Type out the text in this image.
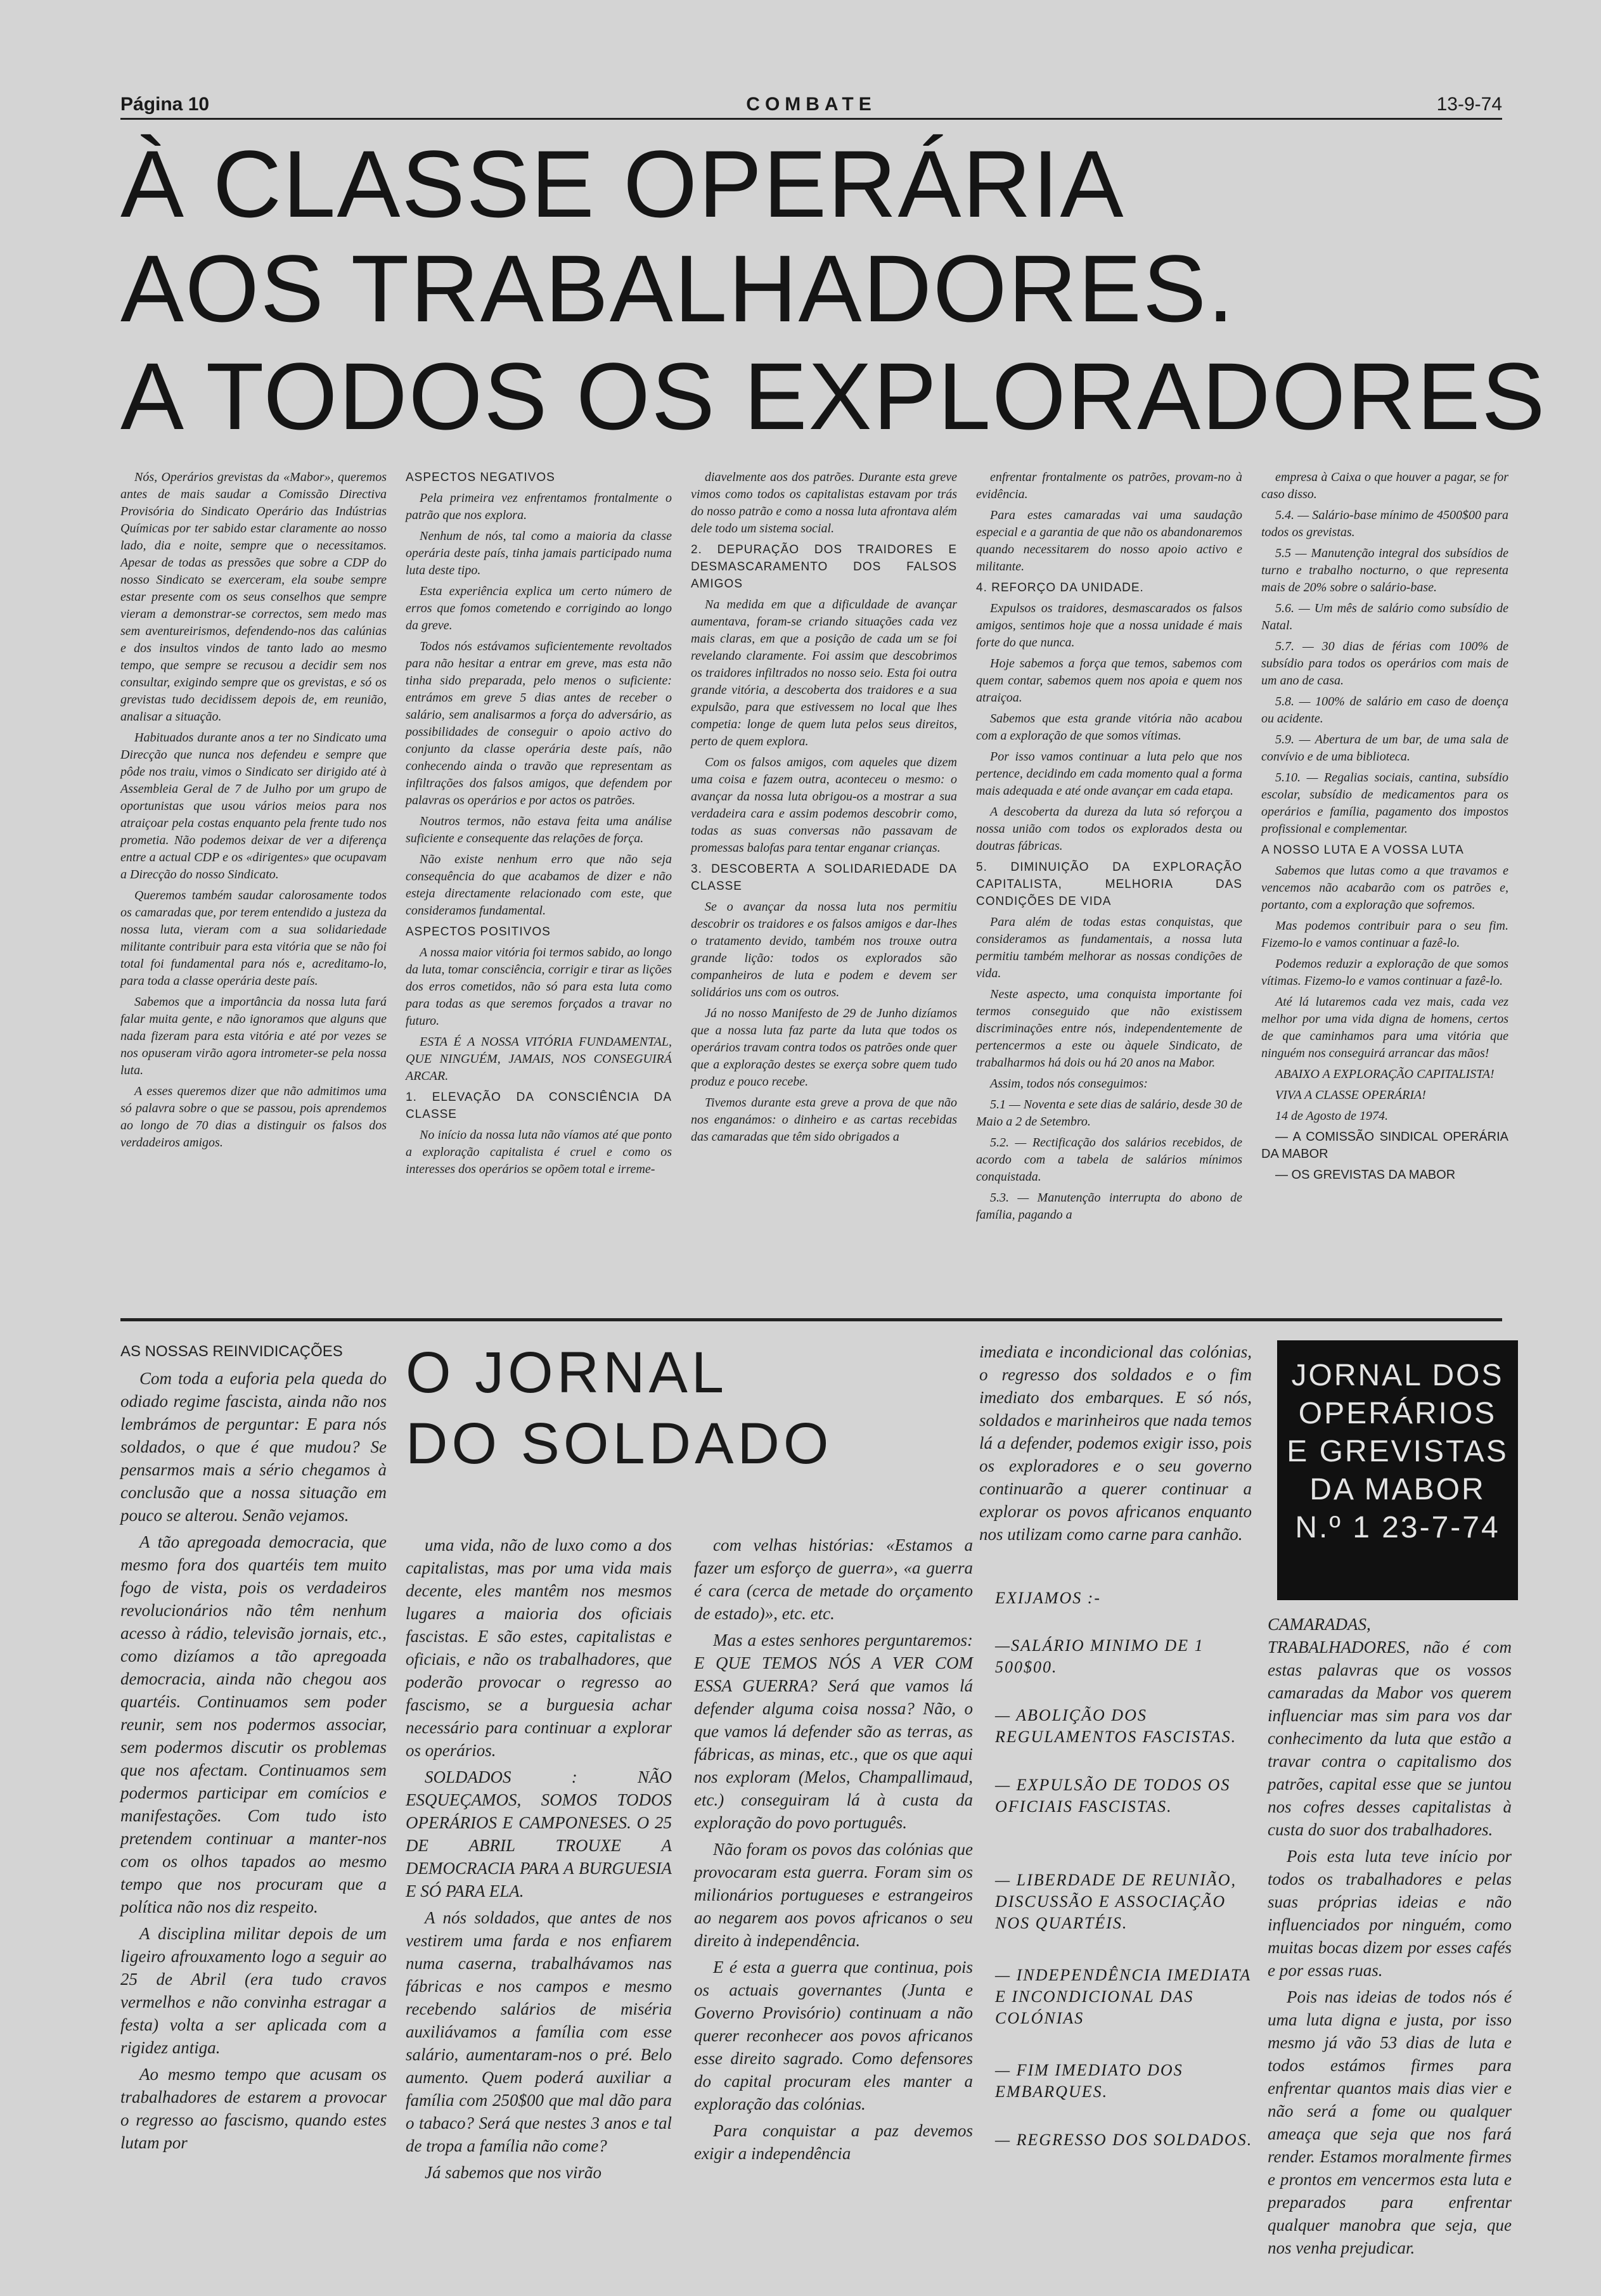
Página 10	COMBATE	13-9-74
À CLASSE OPERÁRIA
AOS TRABALHADORES.
A TODOS OS EXPLORADORES

Nós, Operários grevistas da «Mabor», queremos antes de mais saudar a Comissão Directiva Provisória do Sindicato Operário das Indústrias Químicas por ter sabido estar claramente ao nosso lado, dia e noite, sempre que o necessitamos. Apesar de todas as pressões que sobre a CDP do nosso Sindicato se exerceram, ela soube sempre estar presente com os seus conselhos que sempre vieram a demonstrar-se correctos, sem medo mas sem aventureirismos, defendendo-nos das calúnias e dos insultos vindos de tanto lado ao mesmo tempo, que sempre se recusou a decidir sem nos consultar, exigindo sempre que os grevistas, e só os grevistas tudo decidissem depois de, em reunião, analisar a situação.

Habituados durante anos a ter no Sindicato uma Direcção que nunca nos defendeu e sempre que pôde nos traiu, vimos o Sindicato ser dirigido até à Assembleia Geral de 7 de Julho por um grupo de oportunistas que usou vários meios para nos atraiçoar pela costas enquanto pela frente tudo nos prometia. Não podemos deixar de ver a diferença entre a actual CDP e os «dirigentes» que ocupavam a Direcção do nosso Sindicato.

Queremos também saudar calorosamente todos os camaradas que, por terem entendido a justeza da nossa luta, vieram com a sua solidariedade militante contribuir para esta vitória que se não foi total foi fundamental para nós e, acreditamo-lo, para toda a classe operária deste país.

Sabemos que a importância da nossa luta fará falar muita gente, e não ignoramos que alguns que nada fizeram para esta vitória e até por vezes se nos opuseram virão agora intrometer-se pela nossa luta.

A esses queremos dizer que não admitimos uma só palavra sobre o que se passou, pois aprendemos ao longo de 70 dias a distinguir os falsos dos verdadeiros amigos.

ASPECTOS NEGATIVOS

Pela primeira vez enfrentamos frontalmente o patrão que nos explora.

Nenhum de nós, tal como a maioria da classe operária deste país, tinha jamais participado numa luta deste tipo.

Esta experiência explica um certo número de erros que fomos cometendo e corrigindo ao longo da greve.

Todos nós estávamos suficientemente revoltados para não hesitar a entrar em greve, mas esta não tinha sido preparada, pelo menos o suficiente: entrámos em greve 5 dias antes de receber o salário, sem analisarmos a força do adversário, as possibilidades de conseguir o apoio activo do conjunto da classe operária deste país, não conhecendo ainda o travão que representam as infiltrações dos falsos amigos, que defendem por palavras os operários e por actos os patrões.

Noutros termos, não estava feita uma análise suficiente e consequente das relações de força.

Não existe nenhum erro que não seja consequência do que acabamos de dizer e não esteja directamente relacionado com este, que consideramos fundamental.

ASPECTOS POSITIVOS

A nossa maior vitória foi termos sabido, ao longo da luta, tomar consciência, corrigir e tirar as lições dos erros cometidos, não só para esta luta como para todas as que seremos forçados a travar no futuro.

ESTA É A NOSSA VITÓRIA FUNDAMENTAL, QUE NINGUÉM, JAMAIS, NOS CONSEGUIRÁ ARCAR.

1. ELEVAÇÃO DA CONSCIÊNCIA DA CLASSE

No início da nossa luta não víamos até que ponto a exploração capitalista é cruel e como os interesses dos operários se opõem total e irreme-

diavelmente aos dos patrões. Durante esta greve vimos como todos os capitalistas estavam por trás do nosso patrão e como a nossa luta afrontava além dele todo um sistema social.

2. DEPURAÇÃO DOS TRAIDORES E DESMASCARAMENTO DOS FALSOS AMIGOS

Na medida em que a dificuldade de avançar aumentava, foram-se criando situações cada vez mais claras, em que a posição de cada um se foi revelando claramente. Foi assim que descobrimos os traidores infiltrados no nosso seio. Esta foi outra grande vitória, a descoberta dos traidores e a sua expulsão, para que estivessem no local que lhes competia: longe de quem luta pelos seus direitos, perto de quem explora.

Com os falsos amigos, com aqueles que dizem uma coisa e fazem outra, aconteceu o mesmo: o avançar da nossa luta obrigou-os a mostrar a sua verdadeira cara e assim podemos descobrir como, todas as suas conversas não passavam de promessas balofas para tentar enganar crianças.

3. DESCOBERTA A SOLIDARIEDADE DA CLASSE

Se o avançar da nossa luta nos permitiu descobrir os traidores e os falsos amigos e dar-lhes o tratamento devido, também nos trouxe outra grande lição: todos os explorados são companheiros de luta e podem e devem ser solidários uns com os outros.

Já no nosso Manifesto de 29 de Junho dizíamos que a nossa luta faz parte da luta que todos os operários travam contra todos os patrões onde quer que a exploração destes se exerça sobre quem tudo produz e pouco recebe.

Tivemos durante esta greve a prova de que não nos enganámos: o dinheiro e as cartas recebidas das camaradas que têm sido obrigados a

enfrentar frontalmente os patrões, provam-no à evidência.

Para estes camaradas vai uma saudação especial e a garantia de que não os abandonaremos quando necessitarem do nosso apoio activo e militante.

4. REFORÇO DA UNIDADE.

Expulsos os traidores, desmascarados os falsos amigos, sentimos hoje que a nossa unidade é mais forte do que nunca.

Hoje sabemos a força que temos, sabemos com quem contar, sabemos quem nos apoia e quem nos atraiçoa.

Sabemos que esta grande vitória não acabou com a exploração de que somos vítimas.

Por isso vamos continuar a luta pelo que nos pertence, decidindo em cada momento qual a forma mais adequada e até onde avançar em cada etapa.

A descoberta da dureza da luta só reforçou a nossa união com todos os explorados desta ou doutras fábricas.

5. DIMINUIÇÃO DA EXPLORAÇÃO CAPITALISTA, MELHORIA DAS CONDIÇÕES DE VIDA

Para além de todas estas conquistas, que consideramos as fundamentais, a nossa luta permitiu também melhorar as nossas condições de vida.

Neste aspecto, uma conquista importante foi termos conseguido que não existissem discriminações entre nós, independentemente de pertencermos a este ou àquele Sindicato, de trabalharmos há dois ou há 20 anos na Mabor.

Assim, todos nós conseguimos:

5.1 — Noventa e sete dias de salário, desde 30 de Maio a 2 de Setembro.

5.2. — Rectificação dos salários recebidos, de acordo com a tabela de salários mínimos conquistada.

5.3. — Manutenção interrupta do abono de família, pagando a

empresa à Caixa o que houver a pagar, se for caso disso.

5.4. — Salário-base mínimo de 4500$00 para todos os grevistas.

5.5 — Manutenção integral dos subsídios de turno e trabalho nocturno, o que representa mais de 20% sobre o salário-base.

5.6. — Um mês de salário como subsídio de Natal.

5.7. — 30 dias de férias com 100% de subsídio para todos os operários com mais de um ano de casa.

5.8. — 100% de salário em caso de doença ou acidente.

5.9. — Abertura de um bar, de uma sala de convívio e de uma biblioteca.

5.10. — Regalias sociais, cantina, subsídio escolar, subsídio de medicamentos para os operários e família, pagamento dos impostos profissional e complementar.

A NOSSO LUTA E A VOSSA LUTA

Sabemos que lutas como a que travamos e vencemos não acabarão com os patrões e, portanto, com a exploração que sofremos.

Mas podemos contribuir para o seu fim. Fizemo-lo e vamos continuar a fazê-lo.

Podemos reduzir a exploração de que somos vítimas. Fizemo-lo e vamos continuar a fazê-lo.

Até lá lutaremos cada vez mais, cada vez melhor por uma vida digna de homens, certos de que caminhamos para uma vitória que ninguém nos conseguirá arrancar das mãos!

ABAIXO A EXPLORAÇÃO CAPITALISTA!

VIVA A CLASSE OPERÁRIA!

14 de Agosto de 1974.

— A COMISSÃO SINDICAL OPERÁRIA DA MABOR

— OS GREVISTAS DA MABOR

AS NOSSAS REINVIDICAÇÕES

Com toda a euforia pela queda do odiado regime fascista, ainda não nos lembrámos de perguntar: E para nós soldados, o que é que mudou? Se pensarmos mais a sério chegamos à conclusão que a nossa situação em pouco se alterou. Senão vejamos.

A tão apregoada democracia, que mesmo fora dos quartéis tem muito fogo de vista, pois os verdadeiros revolucionários não têm nenhum acesso à rádio, televisão jornais, etc., como dizíamos a tão apregoada democracia, ainda não chegou aos quartéis. Continuamos sem poder reunir, sem nos podermos associar, sem podermos discutir os problemas que nos afectam. Continuamos sem podermos participar em comícios e manifestações. Com tudo isto pretendem continuar a manter-nos com os olhos tapados ao mesmo tempo que nos procuram que a política não nos diz respeito.

A disciplina militar depois de um ligeiro afrouxamento logo a seguir ao 25 de Abril (era tudo cravos vermelhos e não convinha estragar a festa) volta a ser aplicada com a rigidez antiga.

Ao mesmo tempo que acusam os trabalhadores de estarem a provocar o regresso ao fascismo, quando estes lutam por

O JORNAL
DO SOLDADO

uma vida, não de luxo como a dos capitalistas, mas por uma vida mais decente, eles mantêm nos mesmos lugares a maioria dos oficiais fascistas. E são estes, capitalistas e oficiais, e não os trabalhadores, que poderão provocar o regresso ao fascismo, se a burguesia achar necessário para continuar a explorar os operários.

SOLDADOS : NÃO ESQUEÇAMOS, SOMOS TODOS OPERÁRIOS E CAMPONESES. O 25 DE ABRIL TROUXE A DEMOCRACIA PARA A BURGUESIA E SÓ PARA ELA.

A nós soldados, que antes de nos vestirem uma farda e nos enfiarem numa caserna, trabalhávamos nas fábricas e nos campos e mesmo recebendo salários de miséria auxiliávamos a família com esse salário, aumentaram-nos o pré. Belo aumento. Quem poderá auxiliar a família com 250$00 que mal dão para o tabaco? Será que nestes 3 anos e tal de tropa a família não come?

Já sabemos que nos virão

com velhas histórias: «Estamos a fazer um esforço de guerra», «a guerra é cara (cerca de metade do orçamento de estado)», etc. etc.

Mas a estes senhores perguntaremos: E QUE TEMOS NÓS A VER COM ESSA GUERRA? Será que vamos lá defender alguma coisa nossa? Não, o que vamos lá defender são as terras, as fábricas, as minas, etc., que os que aqui nos exploram (Melos, Champallimaud, etc.) conseguiram lá à custa da exploração do povo português.

Não foram os povos das colónias que provocaram esta guerra. Foram sim os milionários portugueses e estrangeiros ao negarem aos povos africanos o seu direito à independência.

E é esta a guerra que continua, pois os actuais governantes (Junta e Governo Provisório) continuam a não querer reconhecer aos povos africanos esse direito sagrado. Como defensores do capital procuram eles manter a exploração das colónias.

Para conquistar a paz devemos exigir a independência

imediata e incondicional das colónias, o regresso dos soldados e o fim imediato dos embarques. E só nós, soldados e marinheiros que nada temos lá a defender, podemos exigir isso, pois os exploradores e o seu governo continuarão a querer continuar a explorar os povos africanos enquanto nos utilizam como carne para canhão.

EXIJAMOS :-
—SALÁRIO MINIMO DE 1 500$00.
— ABOLIÇÃO DOS REGULAMENTOS FASCISTAS.
— EXPULSÃO DE TODOS OS OFICIAIS FASCISTAS.
— LIBERDADE DE REUNIÃO, DISCUSSÃO E ASSOCIAÇÃO NOS QUARTÉIS.
— INDEPENDÊNCIA IMEDIATA E INCONDICIONAL DAS COLÓNIAS
— FIM IMEDIATO DOS EMBARQUES.
— REGRESSO DOS SOLDADOS.
JORNAL DOS
OPERÁRIOS
E GREVISTAS
DA MABOR
N.º 1 23-7-74

CAMARADAS, TRABALHADORES, não é com estas palavras que os vossos camaradas da Mabor vos querem influenciar mas sim para vos dar conhecimento da luta que estão a travar contra o capitalismo dos patrões, capital esse que se juntou nos cofres desses capitalistas à custa do suor dos trabalhadores.

Pois esta luta teve início por todos os trabalhadores e pelas suas próprias ideias e não influenciados por ninguém, como muitas bocas dizem por esses cafés e por essas ruas.

Pois nas ideias de todos nós é uma luta digna e justa, por isso mesmo já vão 53 dias de luta e todos estámos firmes para enfrentar quantos mais dias vier e não será a fome ou qualquer ameaça que seja que nos fará render. Estamos moralmente firmes e prontos em vencermos esta luta e preparados para enfrentar qualquer manobra que seja, que nos venha prejudicar.
